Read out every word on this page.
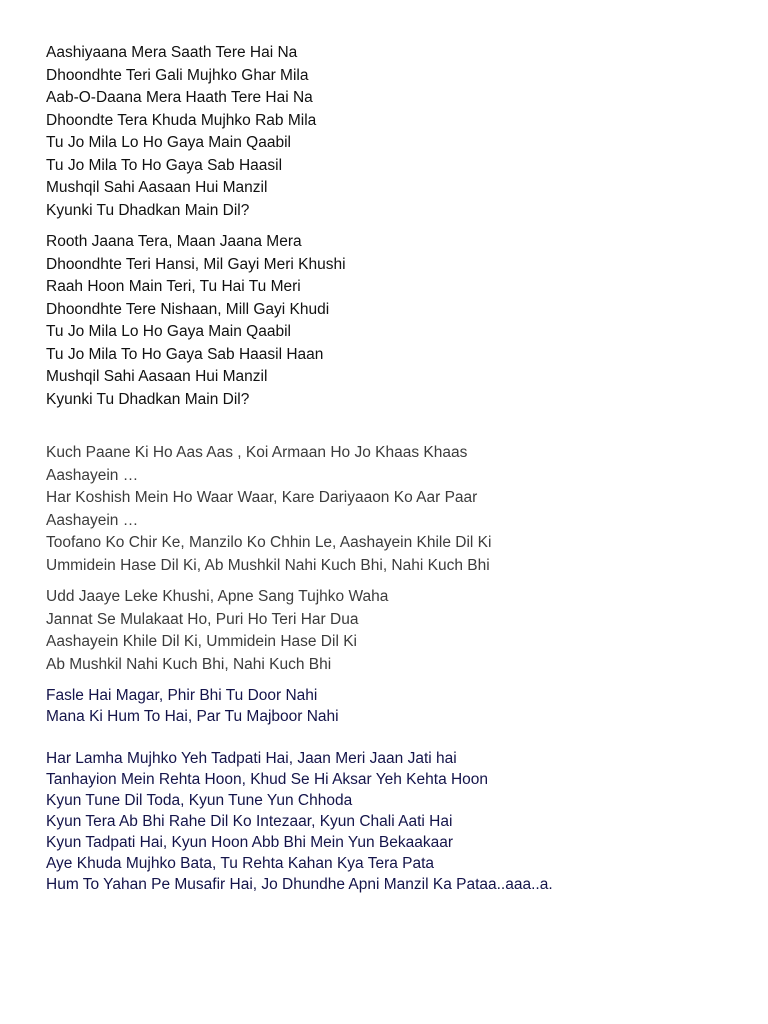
Aashiyaana Mera Saath Tere Hai Na
Dhoondhte Teri Gali Mujhko Ghar Mila
Aab-O-Daana Mera Haath Tere Hai Na
Dhoondte Tera Khuda Mujhko Rab Mila
Tu Jo Mila Lo Ho Gaya Main Qaabil
Tu Jo Mila To Ho Gaya Sab Haasil
Mushqil Sahi Aasaan Hui Manzil
Kyunki Tu Dhadkan Main Dil?
Rooth Jaana Tera, Maan Jaana Mera
Dhoondhte Teri Hansi, Mil Gayi Meri Khushi
Raah Hoon Main Teri, Tu Hai Tu Meri
Dhoondhte Tere Nishaan, Mill Gayi Khudi
Tu Jo Mila Lo Ho Gaya Main Qaabil
Tu Jo Mila To Ho Gaya Sab Haasil Haan
Mushqil Sahi Aasaan Hui Manzil
Kyunki Tu Dhadkan Main Dil?
Kuch Paane Ki Ho Aas Aas , Koi Armaan Ho Jo Khaas Khaas
Aashayein …
Har Koshish Mein Ho Waar Waar, Kare Dariyaaon Ko Aar Paar
Aashayein …
Toofano Ko Chir Ke, Manzilo Ko Chhin Le, Aashayein Khile Dil Ki
Ummidein Hase Dil Ki, Ab Mushkil Nahi Kuch Bhi, Nahi Kuch Bhi
Udd Jaaye Leke Khushi, Apne Sang Tujhko Waha
Jannat Se Mulakaat Ho, Puri Ho Teri Har Dua
Aashayein Khile Dil Ki, Ummidein Hase Dil Ki
Ab Mushkil Nahi Kuch Bhi, Nahi Kuch Bhi
Fasle Hai Magar, Phir Bhi Tu Door Nahi
Mana Ki Hum To Hai, Par Tu Majboor Nahi
Har Lamha Mujhko Yeh Tadpati Hai, Jaan Meri Jaan Jati hai
Tanhayion Mein Rehta Hoon, Khud Se Hi Aksar Yeh Kehta Hoon
Kyun Tune Dil Toda, Kyun Tune Yun Chhoda
Kyun Tera Ab Bhi Rahe Dil Ko Intezaar, Kyun Chali Aati Hai
Kyun Tadpati Hai, Kyun Hoon Abb Bhi Mein Yun Bekaakaar
Aye Khuda Mujhko Bata, Tu Rehta Kahan Kya Tera Pata
Hum To Yahan Pe Musafir Hai, Jo Dhundhe Apni Manzil Ka Pataa..aaa..a.
